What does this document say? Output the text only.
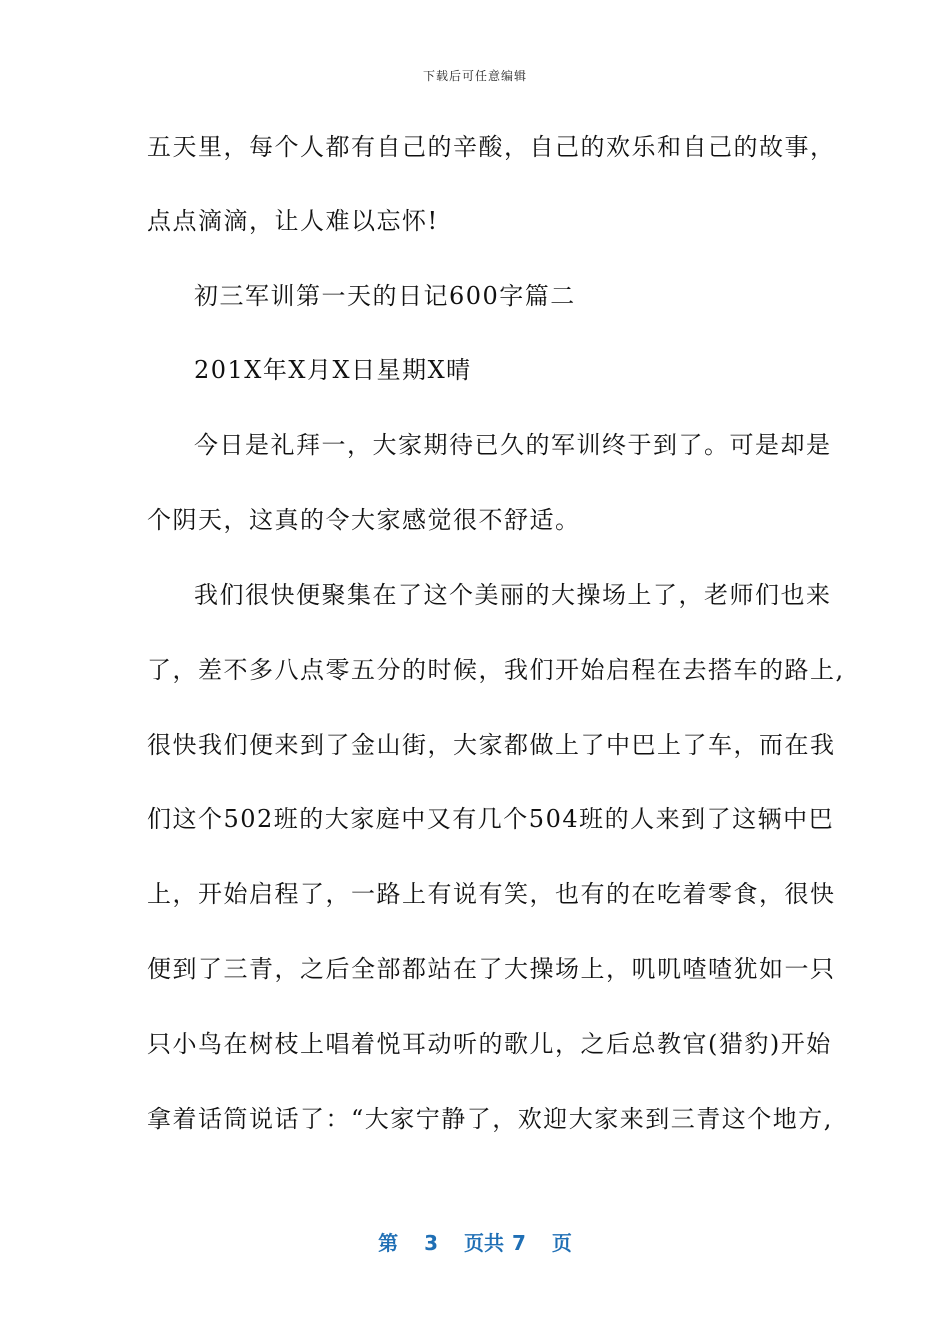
下载后可任意编辑
五天里，每个人都有自己的辛酸，自己的欢乐和自己的故事，
点点滴滴，让人难以忘怀!
初三军训第一天的日记600字篇二
201X年X月X日星期X晴
今日是礼拜一，大家期待已久的军训终于到了。可是却是
个阴天，这真的令大家感觉很不舒适。
我们很快便聚集在了这个美丽的大操场上了，老师们也来
了，差不多八点零五分的时候，我们开始启程在去搭车的路上,
很快我们便来到了金山街，大家都做上了中巴上了车，而在我
们这个502班的大家庭中又有几个504班的人来到了这辆中巴
上，开始启程了，一路上有说有笑，也有的在吃着零食，很快
便到了三青，之后全部都站在了大操场上，叽叽喳喳犹如一只
只小鸟在树枝上唱着悦耳动听的歌儿，之后总教官(猎豹)开始
拿着话筒说话了：“大家宁静了，欢迎大家来到三青这个地方,
第 3 页共 7 页
